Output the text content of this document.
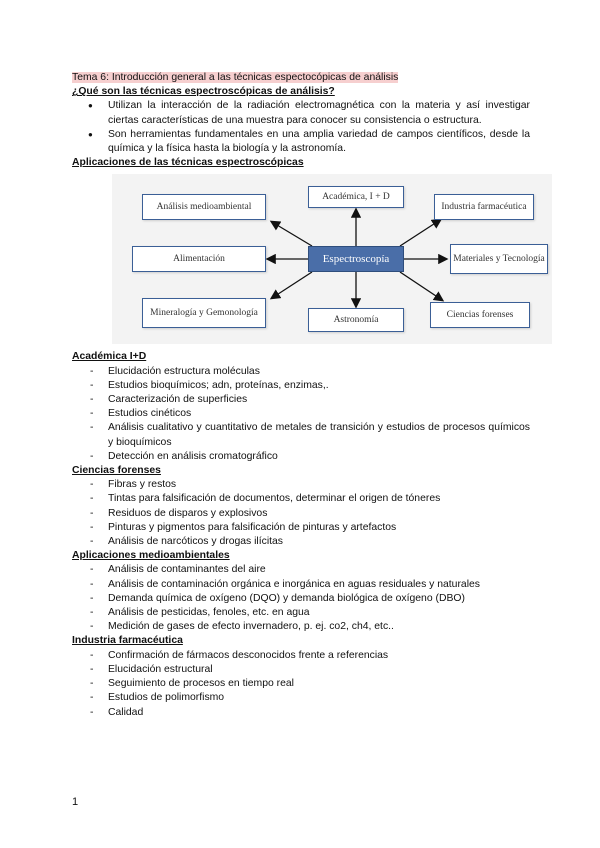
Tema 6: Introducción general a las técnicas espectocópicas de análisis

¿Qué son las técnicas espectroscópicas de análisis?

● Utilizan la interacción de la radiación electromagnética con la materia y así investigar ciertas características de una muestra para conocer su consistencia o estructura.
● Son herramientas fundamentales en una amplia variedad de campos científicos, desde la química y la física hasta la biología y la astronomía.

Aplicaciones de las técnicas espectroscópicas

Análisis medioambiental
Académica, I + D
Industria farmacéutica
Alimentación	Espectroscopía	Materiales y Tecnología
Mineralogía y Gemonología
Astronomía	Ciencias forenses

Académica I+D

- Elucidación estructura moléculas
- Estudios bioquímicos; adn, proteínas, enzimas,.
- Caracterización de superficies
- Estudios cinéticos
- Análisis cualitativo y cuantitativo de metales de transición y estudios de procesos químicos y bioquímicos
- Detección en análisis cromatográfico

Ciencias forenses

- Fibras y restos
- Tintas para falsificación de documentos, determinar el origen de tóneres
- Residuos de disparos y explosivos
- Pinturas y pigmentos para falsificación de pinturas y artefactos
- Análisis de narcóticos y drogas ilícitas

Aplicaciones medioambientales

- Análisis de contaminantes del aire
- Análisis de contaminación orgánica e inorgánica en aguas residuales y naturales
- Demanda química de oxígeno (DQO) y demanda biológica de oxígeno (DBO)
- Análisis de pesticidas, fenoles, etc. en agua
- Medición de gases de efecto invernadero, p. ej. co2, ch4, etc..

Industria farmacéutica

- Confirmación de fármacos desconocidos frente a referencias
- Elucidación estructural
- Seguimiento de procesos en tiempo real
- Estudios de polimorfismo
- Calidad
1
